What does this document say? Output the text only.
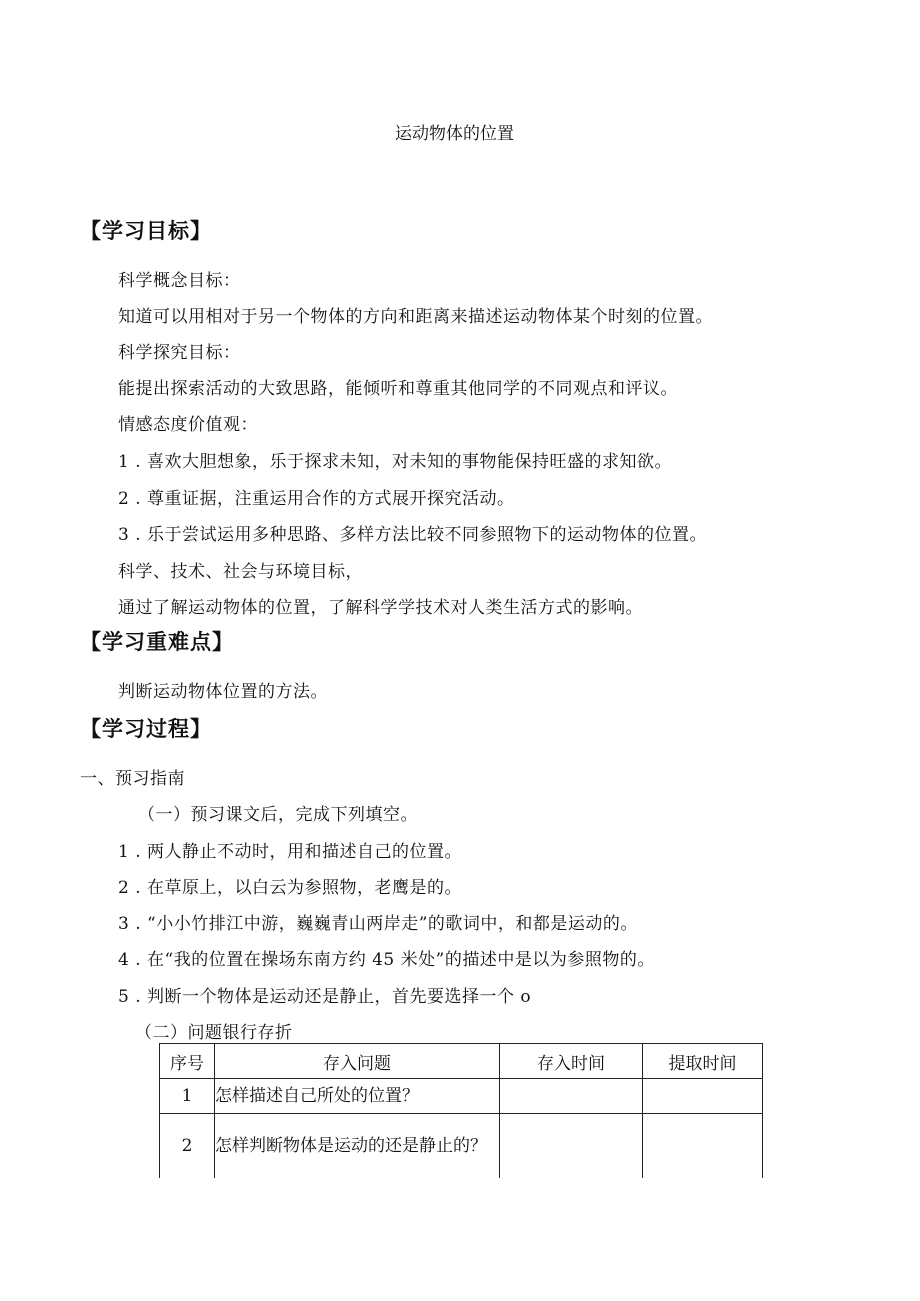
运动物体的位置
【学习目标】
科学概念目标：
知道可以用相对于另一个物体的方向和距离来描述运动物体某个时刻的位置。
科学探究目标：
能提出探索活动的大致思路，能倾听和尊重其他同学的不同观点和评议。
情感态度价值观：
1 . 喜欢大胆想象，乐于探求未知，对未知的事物能保持旺盛的求知欲。
2 . 尊重证据，注重运用合作的方式展开探究活动。
3 . 乐于尝试运用多种思路、多样方法比较不同参照物下的运动物体的位置。
科学、技术、社会与环境目标，
通过了解运动物体的位置，了解科学学技术对人类生活方式的影响。
【学习重难点】
判断运动物体位置的方法。
【学习过程】
一、预习指南
（一）预习课文后，完成下列填空。
1 . 两人静止不动时，用和描述自己的位置。
2 . 在草原上，以白云为参照物，老鹰是的。
3 . “小小竹排江中游，巍巍青山两岸走”的歌词中，和都是运动的。
4 . 在“我的位置在操场东南方约 45 米处”的描述中是以为参照物的。
5 . 判断一个物体是运动还是静止，首先要选择一个 o
（二）问题银行存折
序号	存入问题	存入时间	提取时间
1	怎样描述自己所处的位置？		
2	怎样判断物体是运动的还是静止的？		
